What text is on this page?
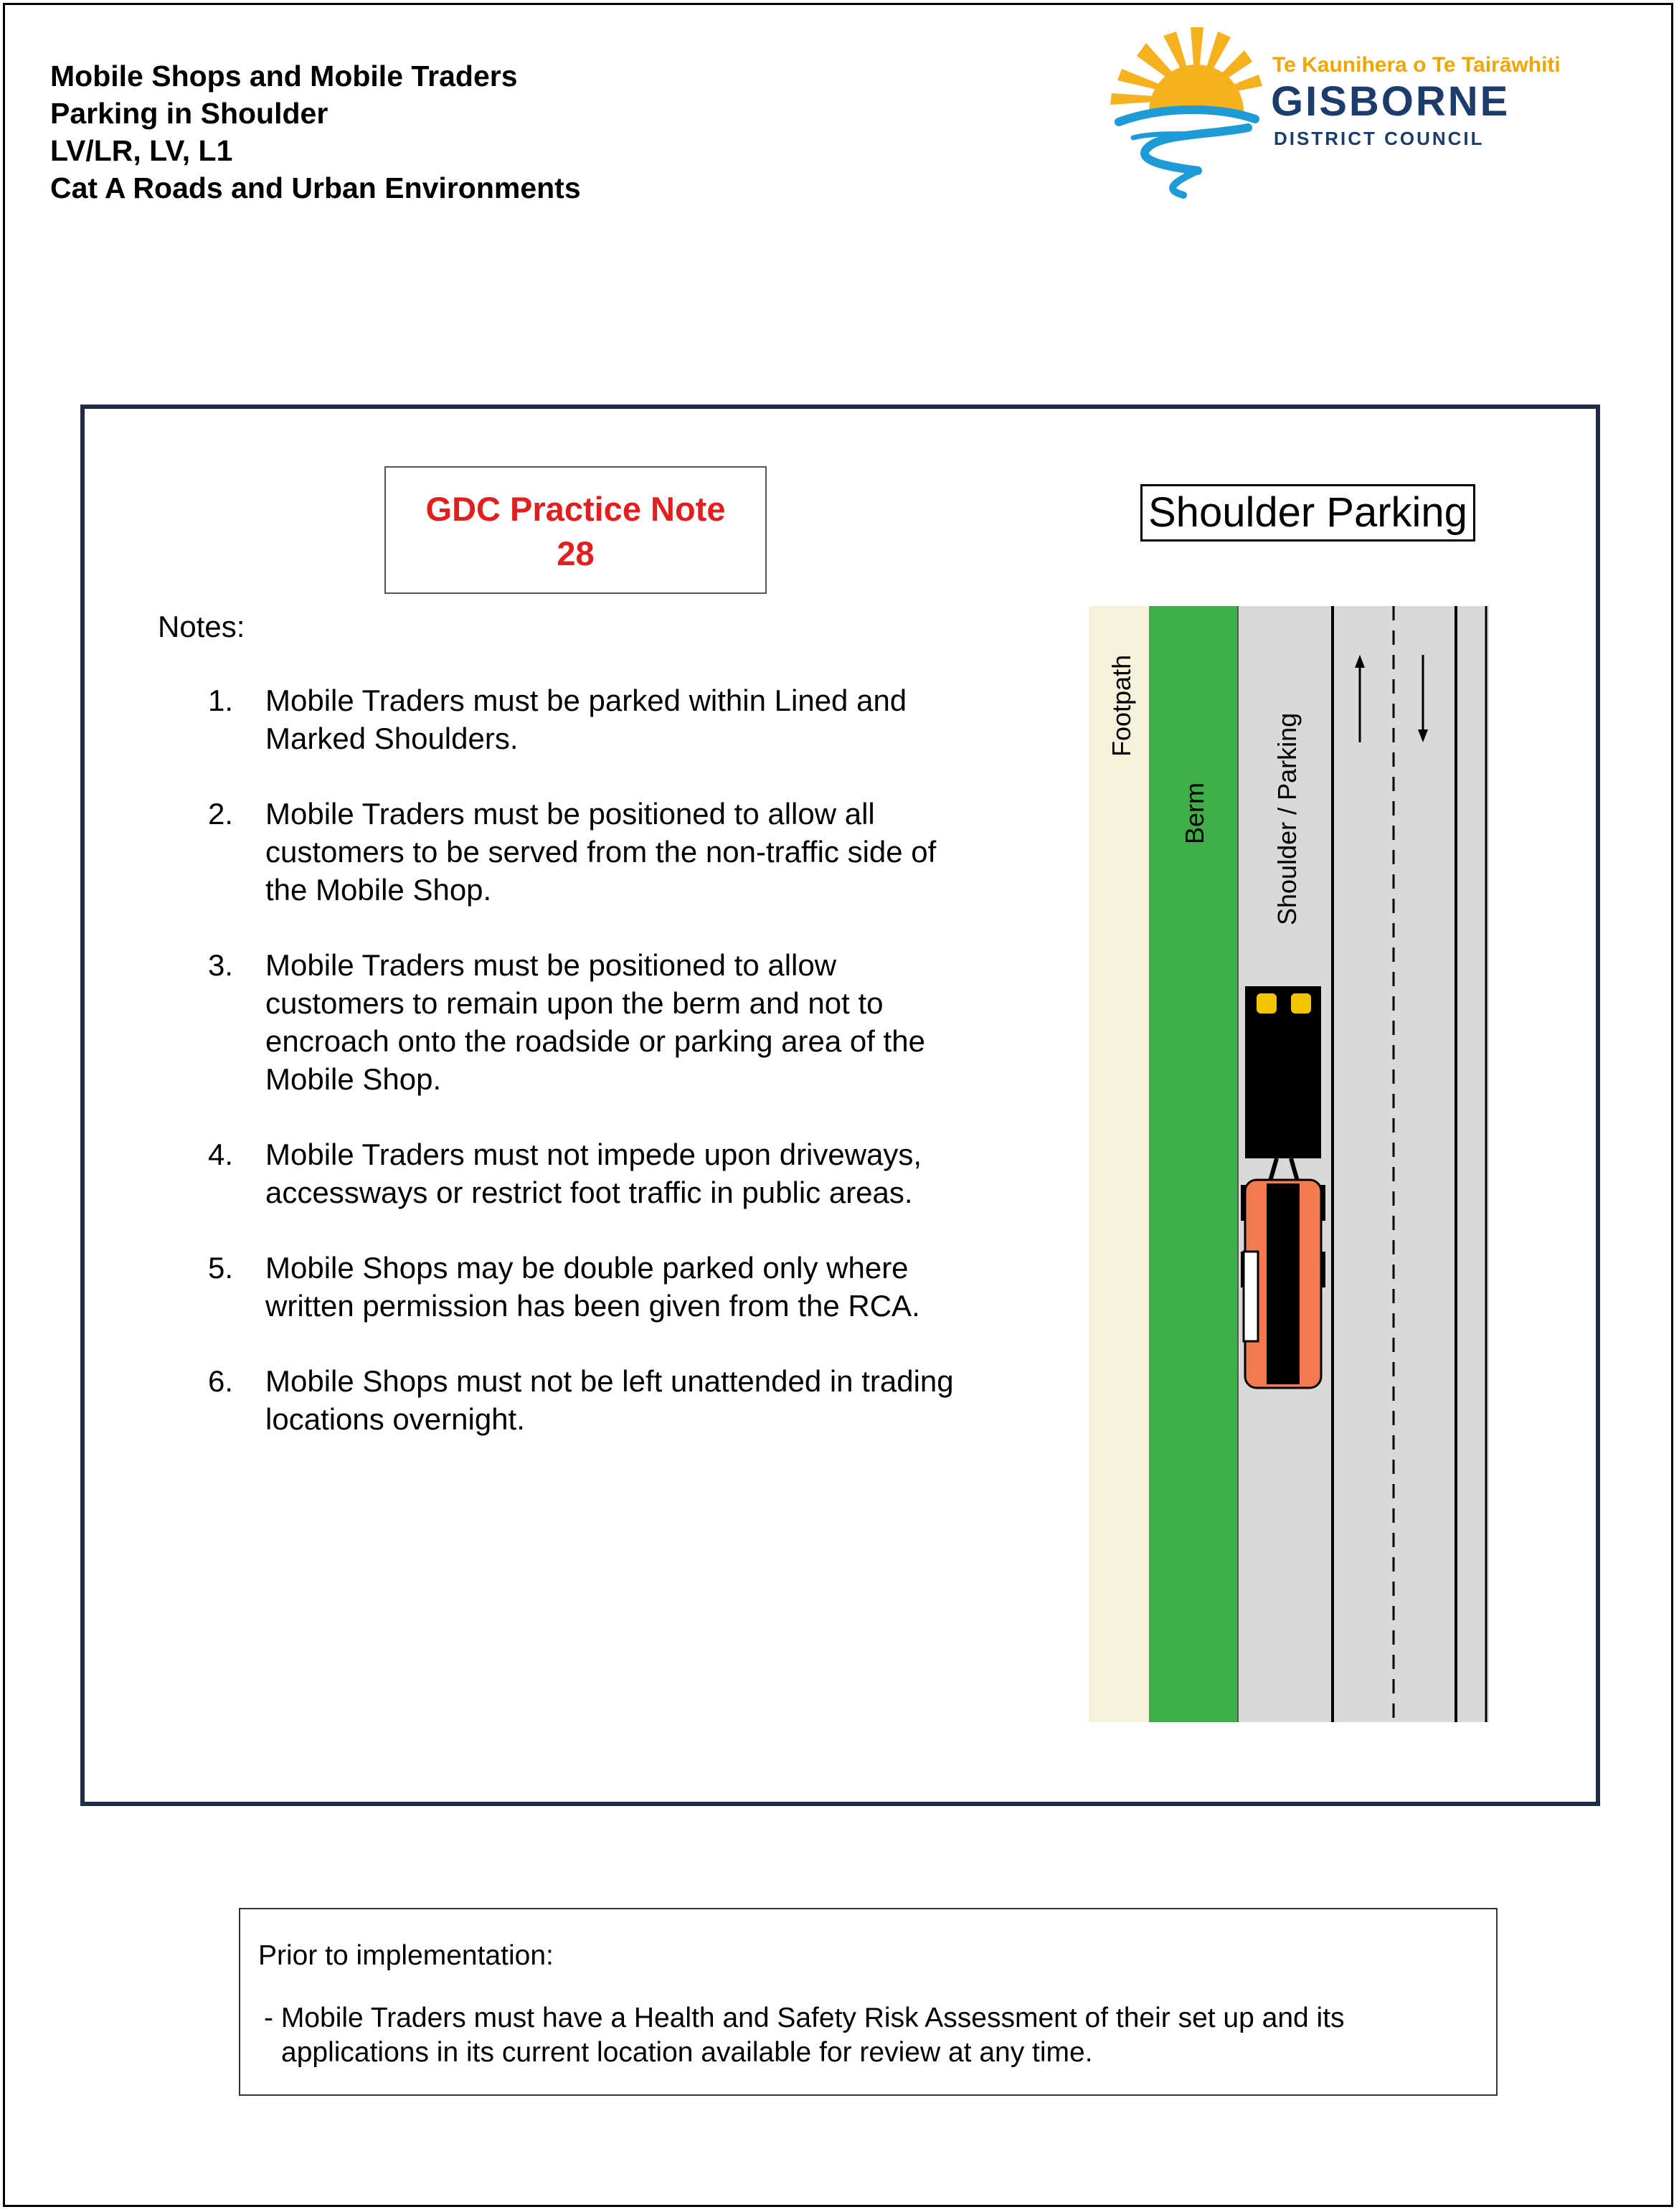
Mobile Shops and Mobile Traders
Parking in Shoulder
LV/LR, LV, L1
Cat A Roads and Urban Environments
Te Kaunihera o Te Tairāwhiti
GISBORNE
DISTRICT COUNCIL
GDC Practice Note
28
Notes:
1. Mobile Traders must be parked within Lined and Marked Shoulders.
2. Mobile Traders must be positioned to allow all customers to be served from the non-traffic side of the Mobile Shop.
3. Mobile Traders must be positioned to allow customers to remain upon the berm and not to encroach onto the roadside or parking area of the Mobile Shop.
4. Mobile Traders must not impede upon driveways, accessways or restrict foot traffic in public areas.
5. Mobile Shops may be double parked only where written permission has been given from the RCA.
6. Mobile Shops must not be left unattended in trading locations overnight.
Shoulder Parking
Footpath
Berm Shoulder / Parking
Prior to implementation:
- Mobile Traders must have a Health and Safety Risk Assessment of their set up and its
applications in its current location available for review at any time.
